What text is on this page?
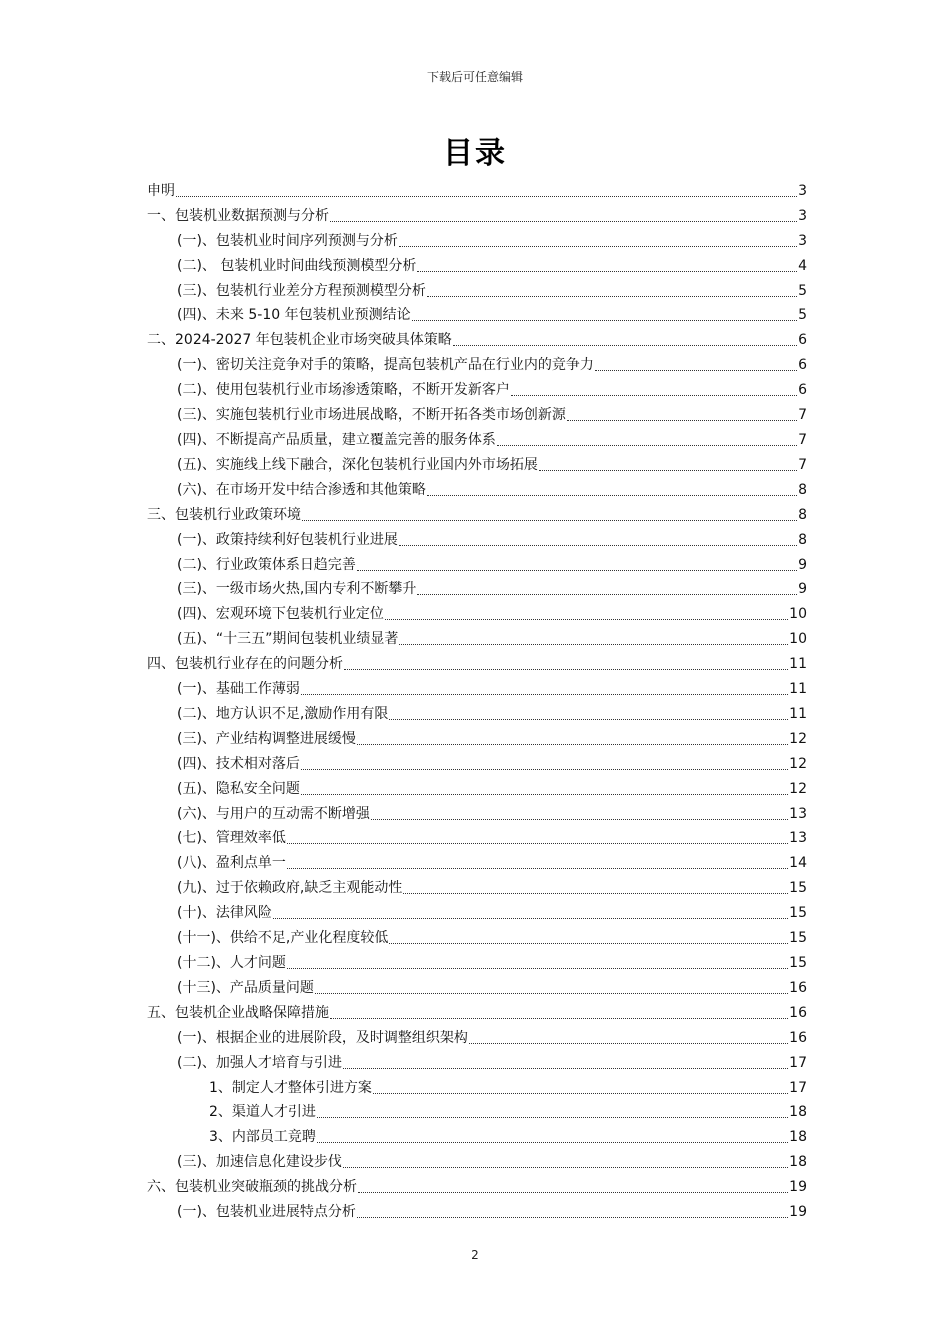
下载后可任意编辑
目录
申明	3
一、包装机业数据预测与分析	3
(一)、包装机业时间序列预测与分析	3
(二)、 包装机业时间曲线预测模型分析	4
(三)、包装机行业差分方程预测模型分析	5
(四)、未来 5-10 年包装机业预测结论	5
二、2024-2027 年包装机企业市场突破具体策略	6
(一)、密切关注竞争对手的策略，提高包装机产品在行业内的竞争力	6
(二)、使用包装机行业市场渗透策略，不断开发新客户	6
(三)、实施包装机行业市场进展战略，不断开拓各类市场创新源	7
(四)、不断提高产品质量，建立覆盖完善的服务体系	7
(五)、实施线上线下融合，深化包装机行业国内外市场拓展	7
(六)、在市场开发中结合渗透和其他策略	8
三、包装机行业政策环境	8
(一)、政策持续利好包装机行业进展	8
(二)、行业政策体系日趋完善	9
(三)、一级市场火热,国内专利不断攀升	9
(四)、宏观环境下包装机行业定位	10
(五)、“十三五”期间包装机业绩显著	10
四、包装机行业存在的问题分析	11
(一)、基础工作薄弱	11
(二)、地方认识不足,激励作用有限	11
(三)、产业结构调整进展缓慢	12
(四)、技术相对落后	12
(五)、隐私安全问题	12
(六)、与用户的互动需不断增强	13
(七)、管理效率低	13
(八)、盈利点单一	14
(九)、过于依赖政府,缺乏主观能动性	15
(十)、法律风险	15
(十一)、供给不足,产业化程度较低	15
(十二)、人才问题	15
(十三)、产品质量问题	16
五、包装机企业战略保障措施	16
(一)、根据企业的进展阶段，及时调整组织架构	16
(二)、加强人才培育与引进	17
1、制定人才整体引进方案	17
2、渠道人才引进	18
3、内部员工竞聘	18
(三)、加速信息化建设步伐	18
六、包装机业突破瓶颈的挑战分析	19
(一)、包装机业进展特点分析	19
2
